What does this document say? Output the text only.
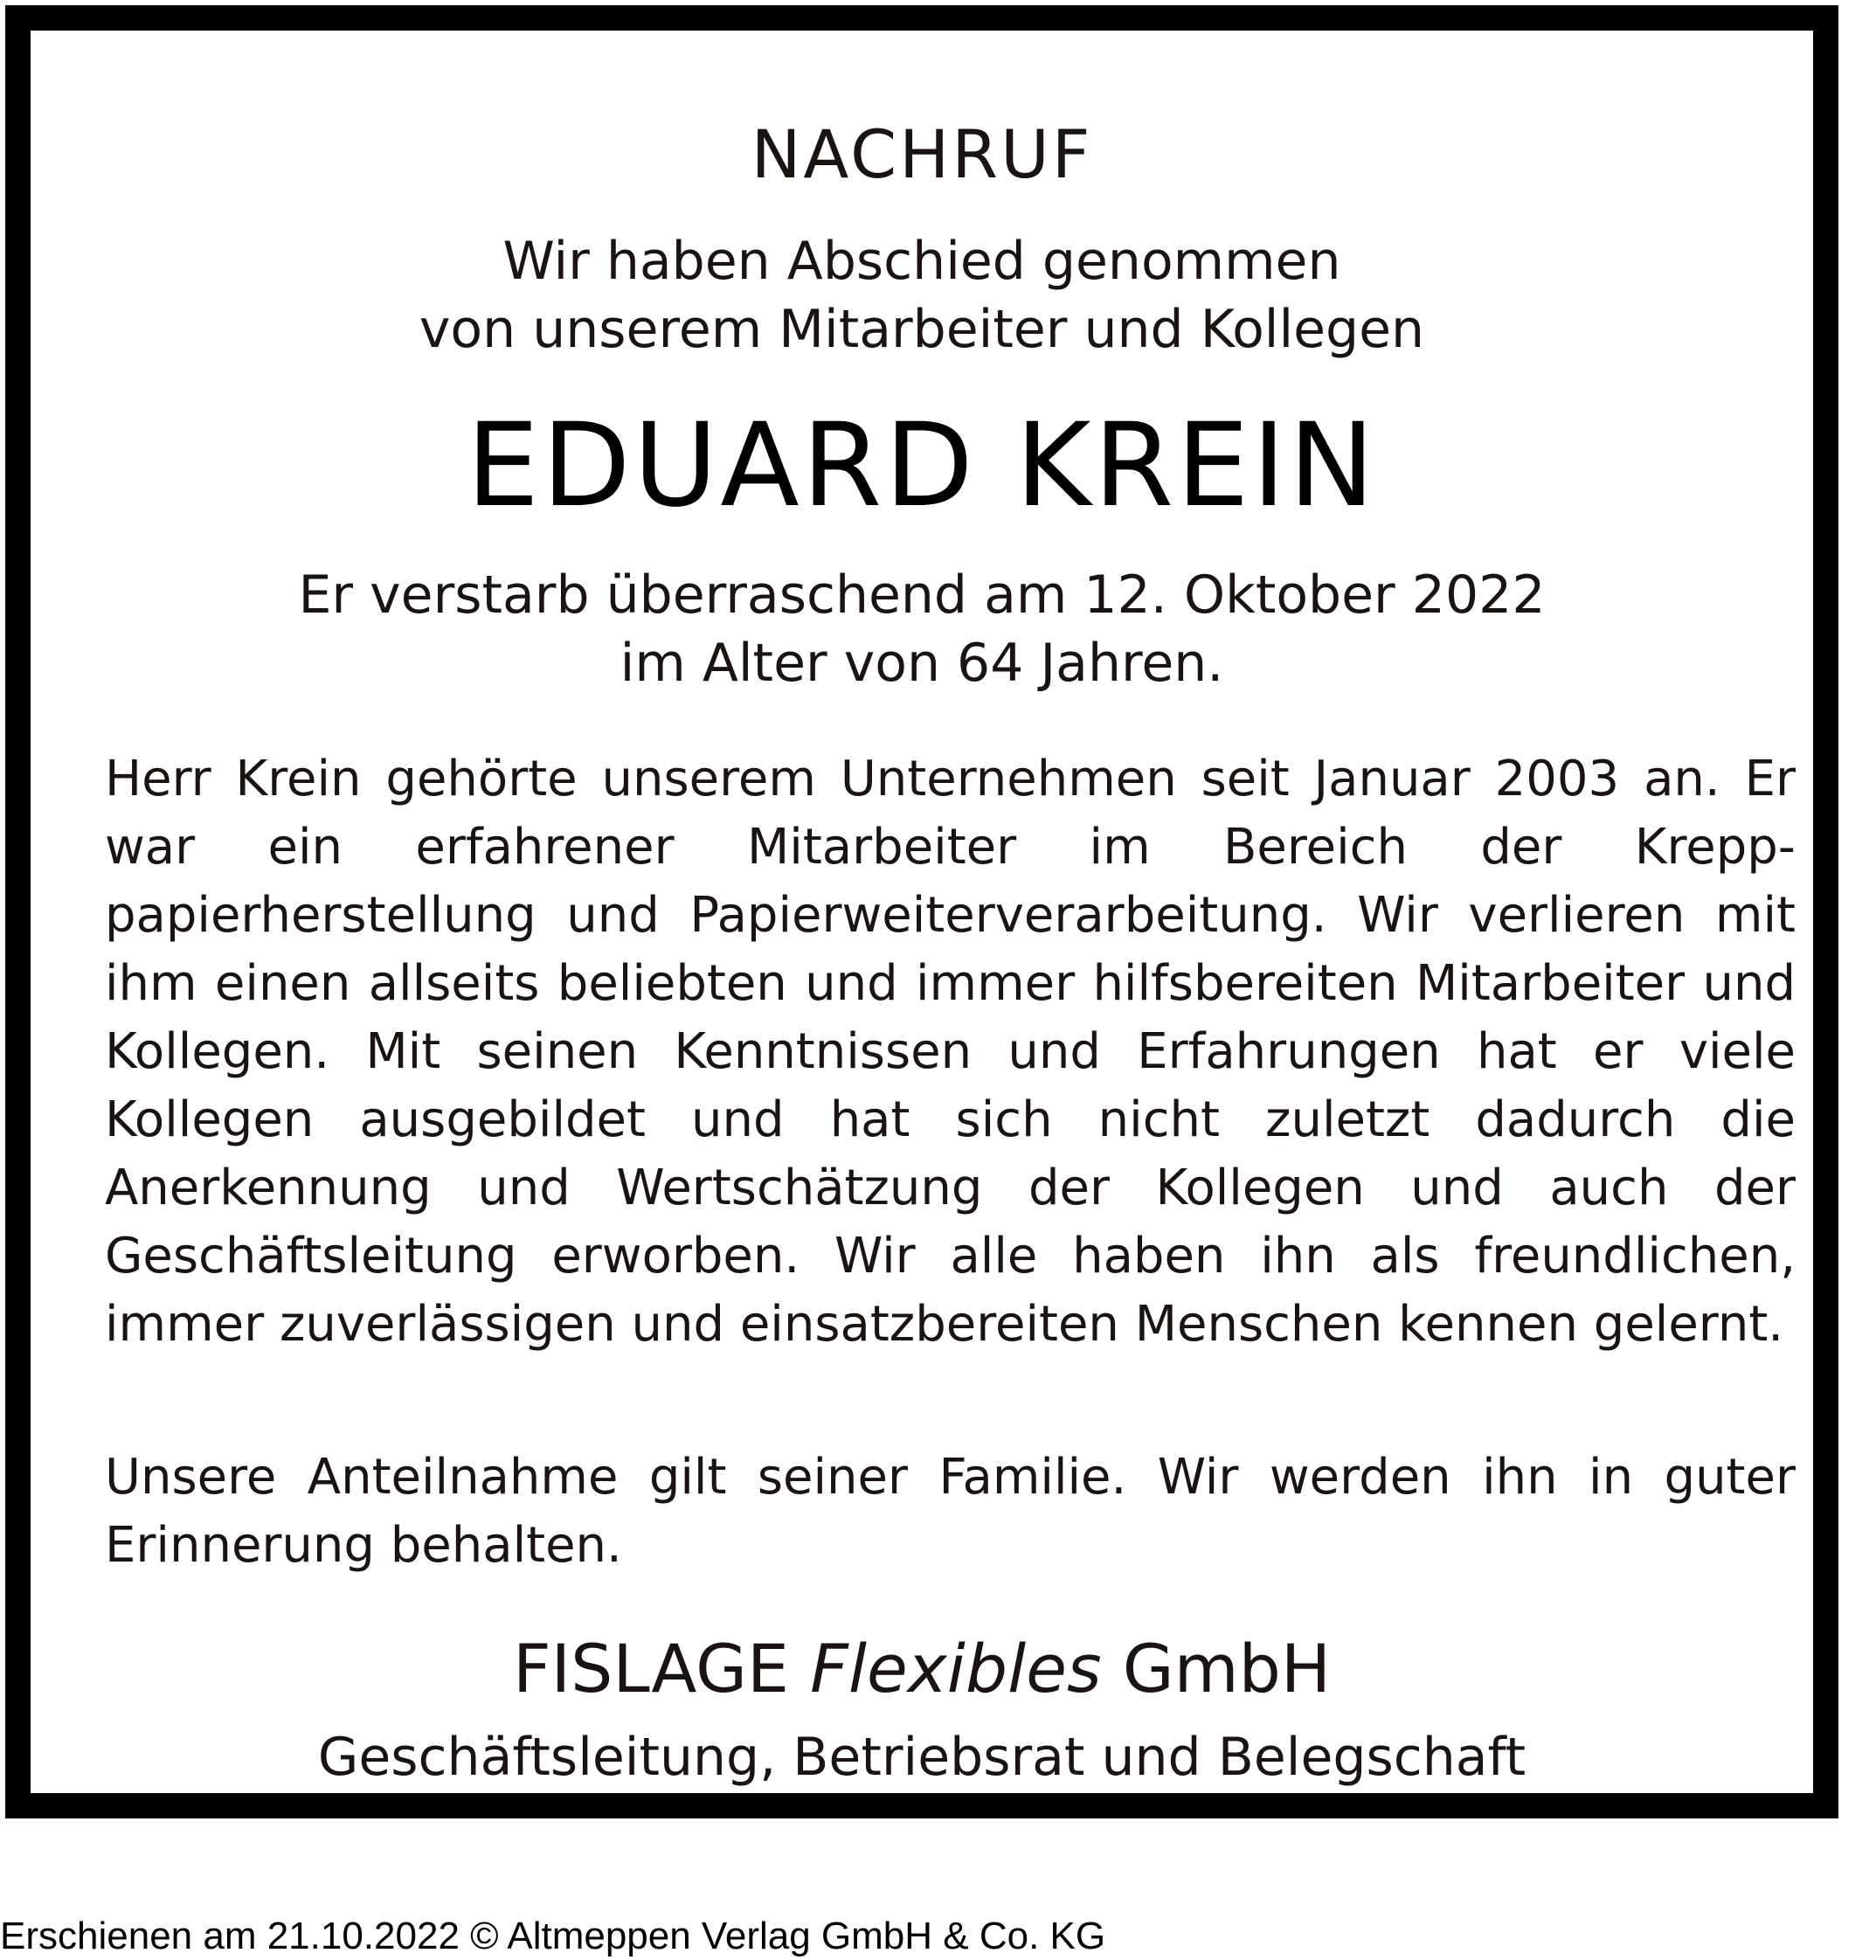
NACHRUF
Wir haben Abschied genommen
von unserem Mitarbeiter und Kollegen
EDUARD KREIN
Er verstarb überraschend am 12. Oktober 2022
im Alter von 64 Jahren.

Herr Krein gehörte unserem Unternehmen seit Januar 2003 an. Er war ein erfahrener Mitarbeiter im Bereich der Krepp-​papierherstellung und Papierweiterverarbeitung. Wir verlieren mit ihm einen allseits beliebten und immer hilfsbereiten Mitarbeiter und Kollegen. Mit seinen Kenntnissen und Erfahrungen hat er viele Kollegen ausgebildet und hat sich nicht zuletzt dadurch die Anerkennung und Wertschätzung der Kollegen und auch der Geschäftsleitung erworben. Wir alle haben ihn als freundlichen, immer zuverlässigen und einsatzbereiten Menschen kennen gelernt.

Unsere Anteilnahme gilt seiner Familie. Wir werden ihn in guter Erinnerung behalten.

FISLAGE Flexibles GmbH
Geschäftsleitung, Betriebsrat und Belegschaft
Erschienen am 21.10.2022 © Altmeppen Verlag GmbH & Co. KG
